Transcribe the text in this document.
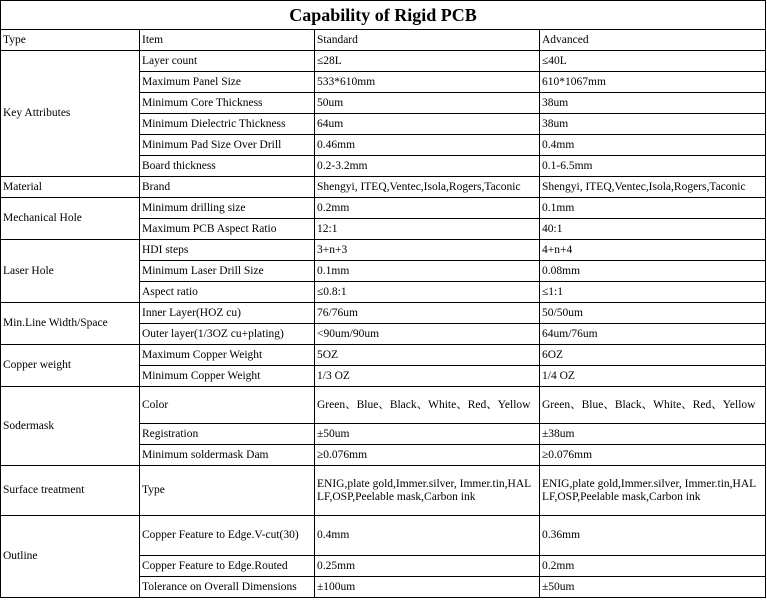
Capability of Rigid PCB			
Type	Item	Standard	Advanced
Key Attributes	Layer count	≤28L	≤40L
	Maximum Panel Size	533*610mm	610*1067mm
	Minimum Core Thickness	50um	38um
	Minimum Dielectric Thickness	64um	38um
	Minimum Pad Size Over Drill	0.46mm	0.4mm
	Board thickness	0.2-3.2mm	0.1-6.5mm
Material	Brand	Shengyi, ITEQ,Ventec,Isola,Rogers,Taconic	Shengyi, ITEQ,Ventec,Isola,Rogers,Taconic
Mechanical Hole	Minimum drilling size	0.2mm	0.1mm
	Maximum PCB Aspect Ratio	12:1	40:1
Laser Hole	HDI steps	3+n+3	4+n+4
	Minimum Laser Drill Size	0.1mm	0.08mm
	Aspect ratio	≤0.8:1	≤1:1
Min.Line Width/Space	Inner Layer(HOZ cu)	76/76um	50/50um
	Outer layer(1/3OZ cu+plating)	<90um/90um	64um/76um
Copper weight	Maximum Copper Weight	5OZ	6OZ
	Minimum Copper Weight	1/3 OZ	1/4 OZ
Sodermask	Color	Green、Blue、Black、White、Red、Yellow	Green、Blue、Black、White、Red、Yellow
	Registration	±50um	±38um
	Minimum soldermask Dam	≥0.076mm	≥0.076mm
Surface treatment	Type	ENIG,plate gold,Immer.silver, Immer.tin,HAL LF,OSP,Peelable mask,Carbon ink	ENIG,plate gold,Immer.silver, Immer.tin,HAL LF,OSP,Peelable mask,Carbon ink
Outline	Copper Feature to Edge.V-cut(30)	0.4mm	0.36mm
	Copper Feature to Edge.Routed	0.25mm	0.2mm
	Tolerance on Overall Dimensions	±100um	±50um
